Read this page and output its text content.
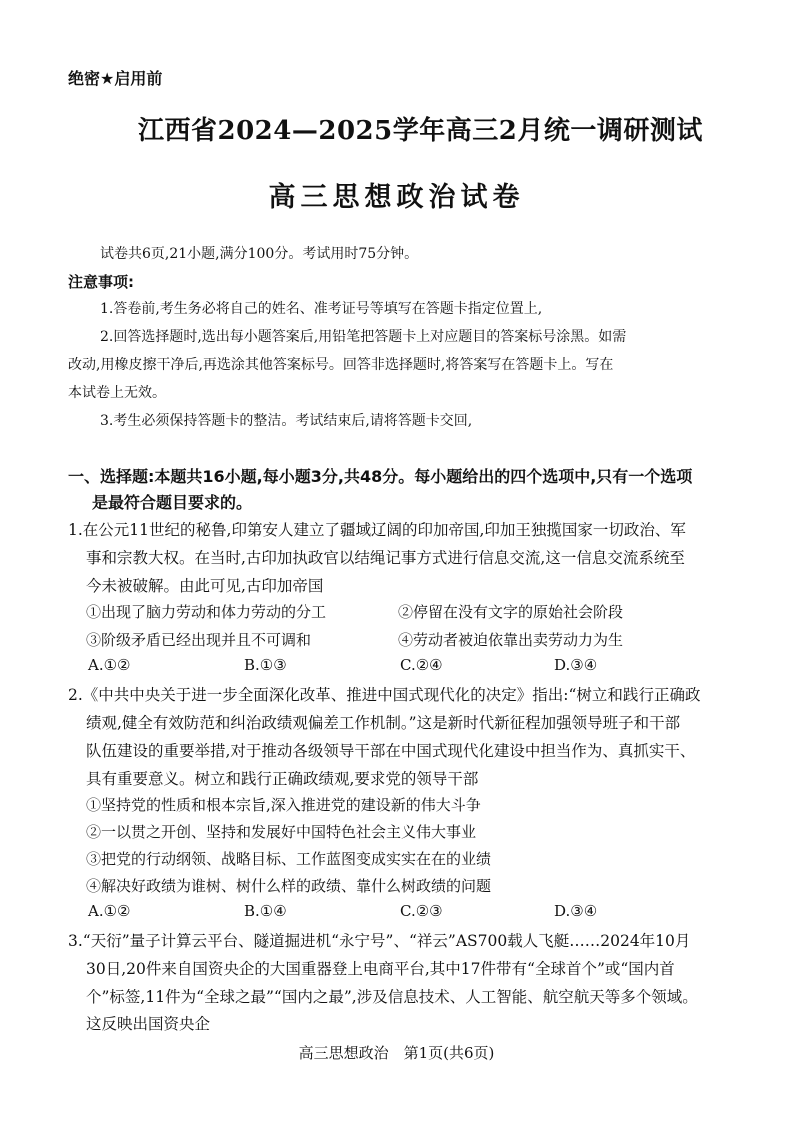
绝密★启用前
江西省2024—2025学年高三2月统一调研测试
高三思想政治试卷
试卷共6页,21小题,满分100分。考试用时75分钟。
注意事项:
1.答卷前,考生务必将自己的姓名、准考证号等填写在答题卡指定位置上,
2.回答选择题时,选出每小题答案后,用铅笔把答题卡上对应题目的答案标号涂黑。如需
改动,用橡皮擦干净后,再选涂其他答案标号。回答非选择题时,将答案写在答题卡上。写在
本试卷上无效。
3.考生必须保持答题卡的整洁。考试结束后,请将答题卡交回,
一、选择题:本题共16小题,每小题3分,共48分。每小题给出的四个选项中,只有一个选项
是最符合题目要求的。
1.在公元11世纪的秘鲁,印第安人建立了疆域辽阔的印加帝国,印加王独揽国家一切政治、军
事和宗教大权。在当时,古印加执政官以结绳记事方式进行信息交流,这一信息交流系统至
今未被破解。由此可见,古印加帝国
①出现了脑力劳动和体力劳动的分工	②停留在没有文字的原始社会阶段
③阶级矛盾已经出现并且不可调和	④劳动者被迫依靠出卖劳动力为生
A.①②	B.①③	C.②④	D.③④
2.《中共中央关于进一步全面深化改革、推进中国式现代化的决定》指出:“树立和践行正确政
绩观,健全有效防范和纠治政绩观偏差工作机制。”这是新时代新征程加强领导班子和干部
队伍建设的重要举措,对于推动各级领导干部在中国式现代化建设中担当作为、真抓实干、
具有重要意义。树立和践行正确政绩观,要求党的领导干部
①坚持党的性质和根本宗旨,深入推进党的建设新的伟大斗争
②一以贯之开创、坚持和发展好中国特色社会主义伟大事业
③把党的行动纲领、战略目标、工作蓝图变成实实在在的业绩
④解决好政绩为谁树、树什么样的政绩、靠什么树政绩的问题
A.①②	B.①④	C.②③	D.③④
3.“天衍”量子计算云平台、隧道掘进机“永宁号”、“祥云”AS700载人飞艇……2024年10月
30日,20件来自国资央企的大国重器登上电商平台,其中17件带有“全球首个”或“国内首
个”标签,11件为“全球之最”“国内之最”,涉及信息技术、人工智能、航空航天等多个领域。
这反映出国资央企
高三思想政治　第1页(共6页)
